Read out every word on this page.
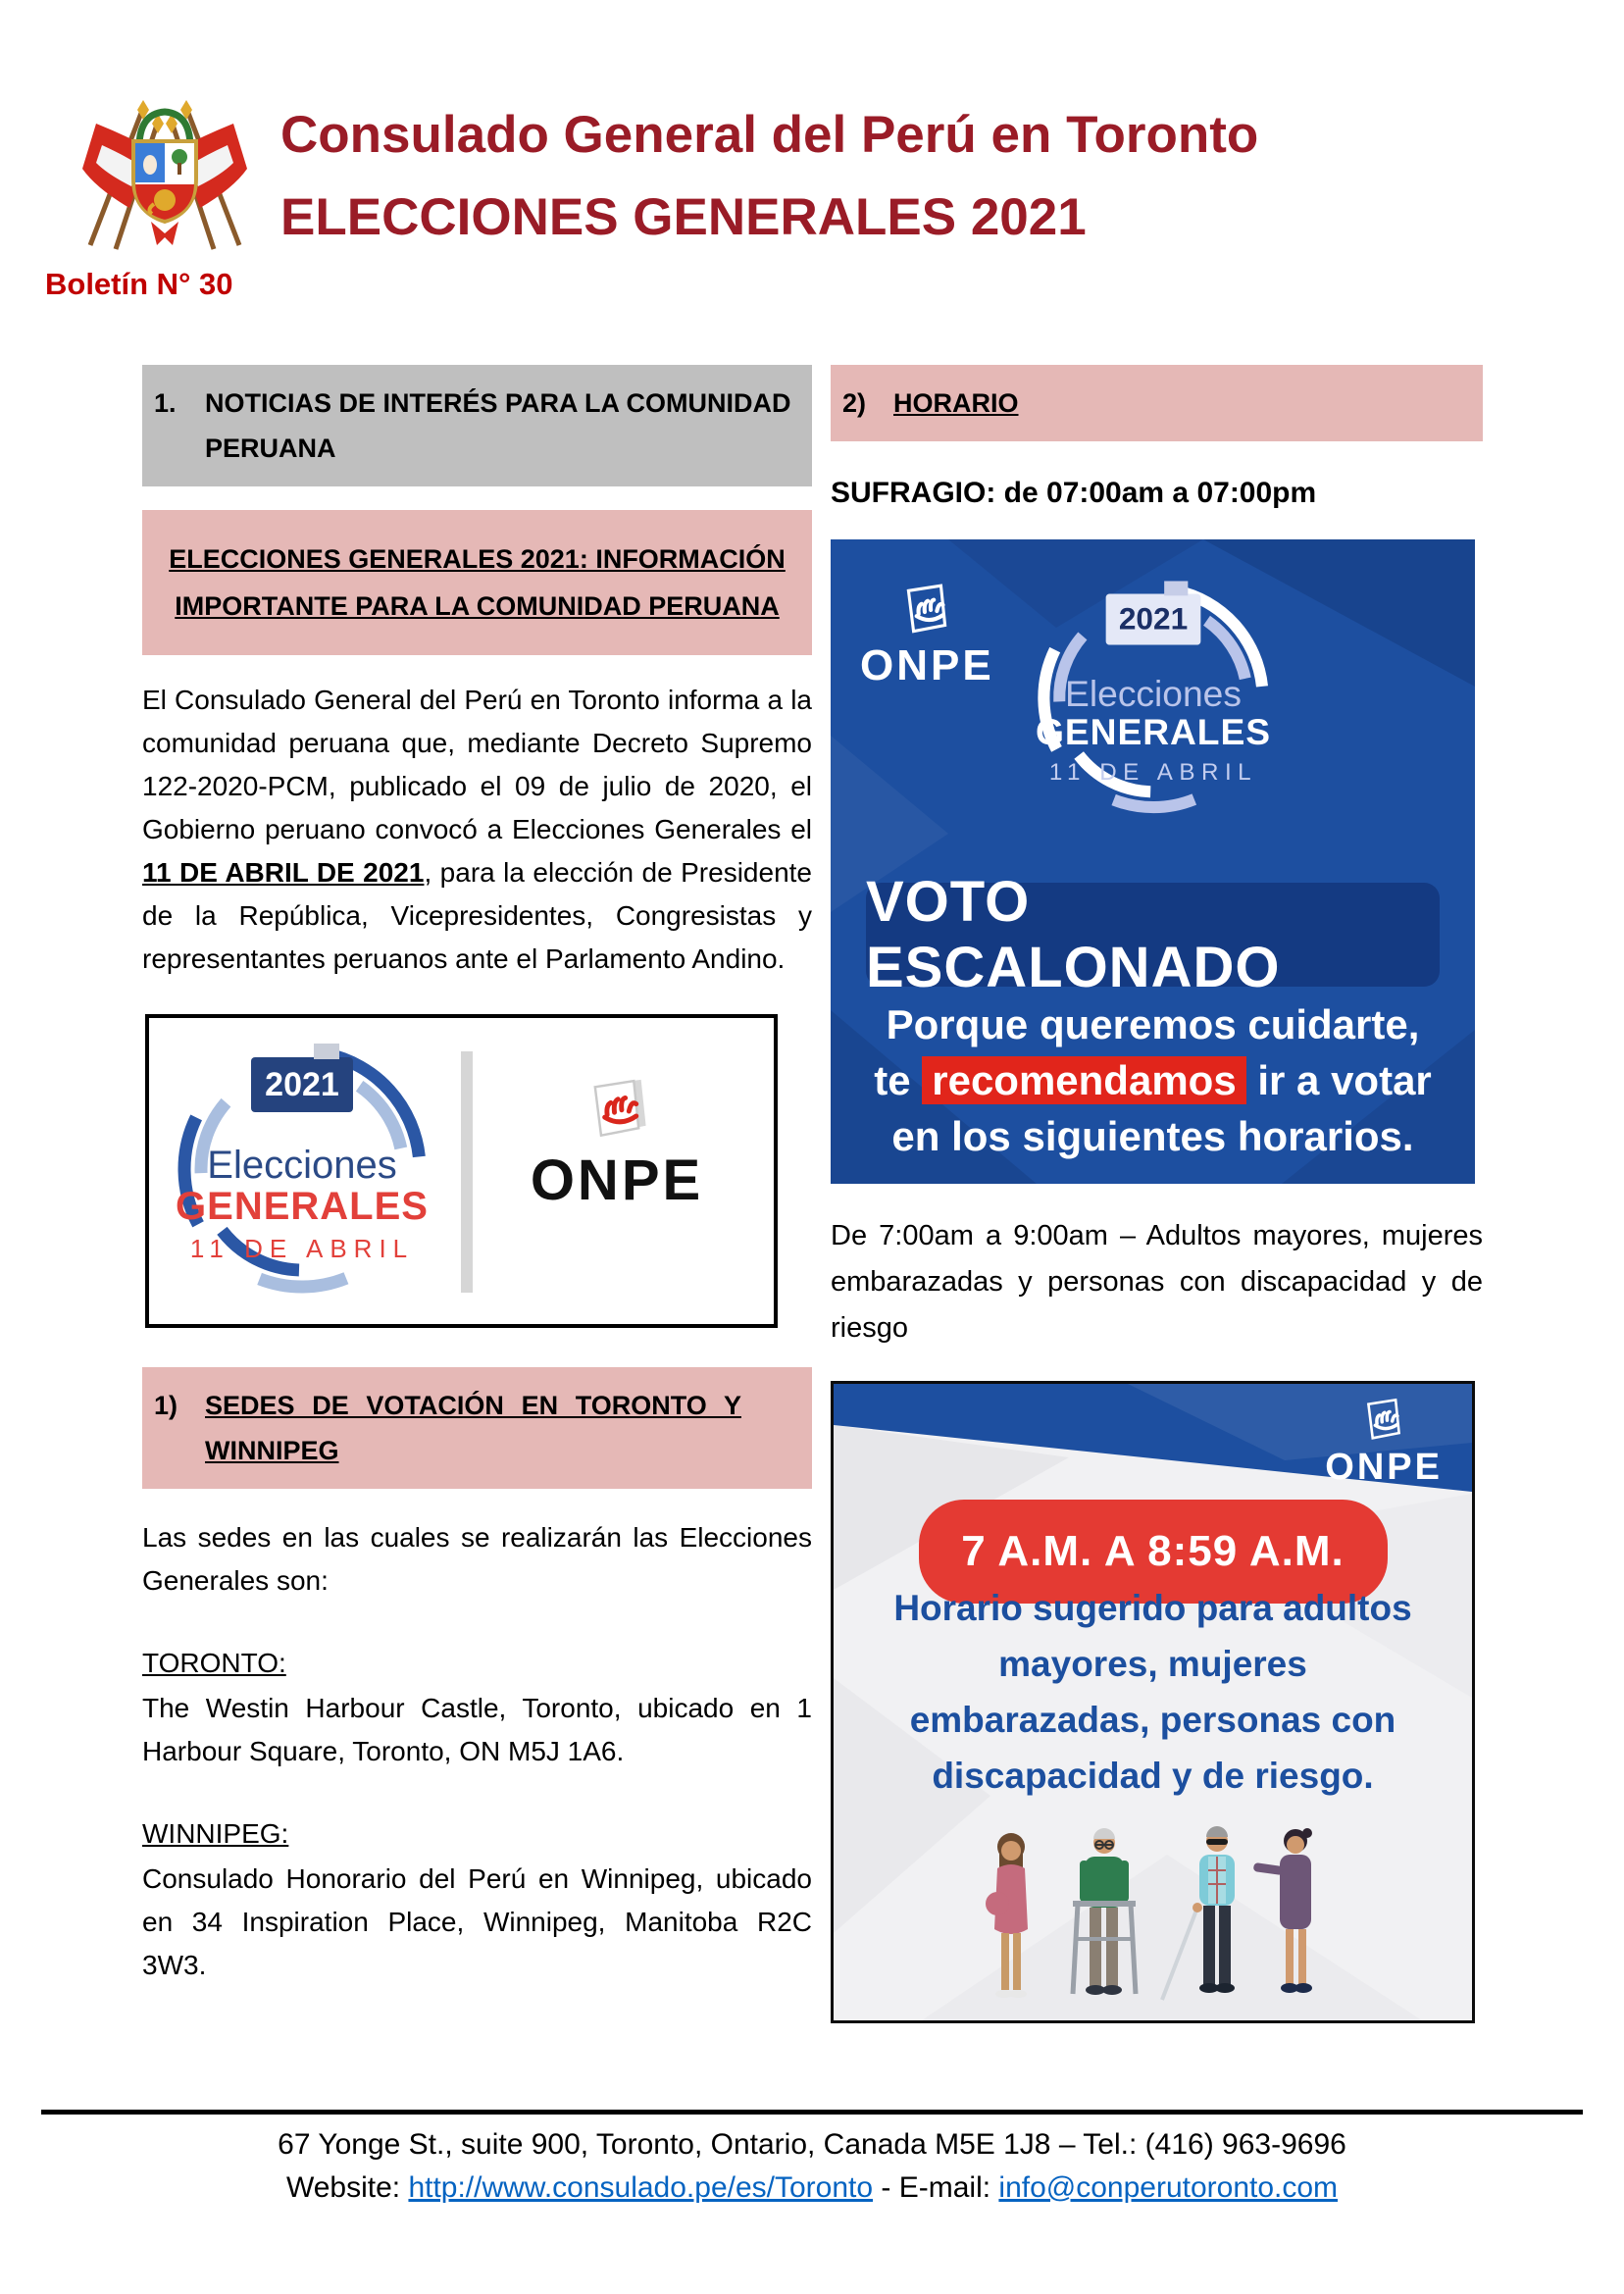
Boletín N° 30
Consulado General del Perú en Toronto
ELECCIONES GENERALES 2021
1.	NOTICIAS DE INTERÉS PARA LA COMUNIDAD PERUANA
ELECCIONES GENERALES 2021: INFORMACIÓN IMPORTANTE PARA LA COMUNIDAD PERUANA
El Consulado General del Perú en Toronto informa a la comunidad peruana que, mediante Decreto Supremo 122-2020-PCM, publicado el 09 de julio de 2020, el Gobierno peruano convocó a Elecciones Generales el 11 DE ABRIL DE 2021, para la elección de Presidente de la República, Vicepresidentes, Congresistas y representantes peruanos ante el Parlamento Andino.
2021
Elecciones
GENERALES
11 DE ABRIL
ONPE
1)	SEDES DE VOTACIÓN EN TORONTO Y WINNIPEG
Las sedes en las cuales se realizarán las Elecciones Generales son:
TORONTO:
The Westin Harbour Castle, Toronto, ubicado en 1 Harbour Square, Toronto, ON M5J 1A6.
WINNIPEG:
Consulado Honorario del Perú en Winnipeg, ubicado en 34 Inspiration Place, Winnipeg, Manitoba R2C 3W3.
2)	HORARIO
SUFRAGIO: de 07:00am a 07:00pm
ONPE
2021
Elecciones
GENERALES
11 DE ABRIL
VOTO ESCALONADO
Porque queremos cuidarte,
te recomendamos ir a votar
en los siguientes horarios.
De 7:00am a 9:00am – Adultos mayores, mujeres embarazadas y personas con discapacidad y de riesgo
ONPE
7 A.M. A 8:59 A.M.
Horario sugerido para adultos
mayores, mujeres
embarazadas, personas con
discapacidad y de riesgo.
67 Yonge St., suite 900, Toronto, Ontario, Canada M5E 1J8 – Tel.: (416) 963-9696
Website: http://www.consulado.pe/es/Toronto - E-mail: info@conperutoronto.com
